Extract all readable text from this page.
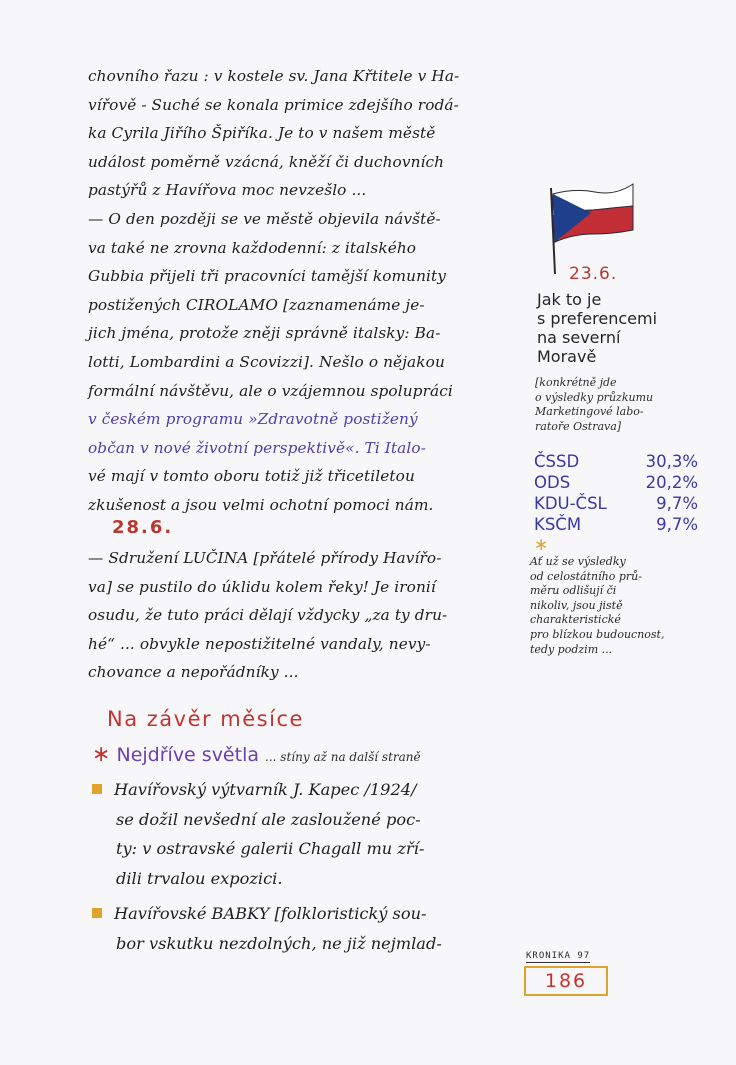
chovního řazu : v kostele sv. Jana Křtitele v Ha-
vířově - Suché se konala primice zdejšího rodá-
ka Cyrila Jiřího Špiříka. Je to v našem městě
událost poměrně vzácná, kněží či duchovních
pastýřů z Havířova moc nevzešlo ...
— O den později se ve městě objevila návště-
va také ne zrovna každodenní: z italského
Gubbia přijeli tři pracovníci tamější komunity
postižených CIROLAMO [zaznamenáme je-
jich jména, protože zněji správně italsky: Ba-
lotti, Lombardini a Scovizzi]. Nešlo o nějakou
formální návštěvu, ale o vzájemnou spolupráci
v českém programu »Zdravotně postižený
občan v nové životní perspektivě«. Ti Italo-
vé mají v tomto oboru totiž již třicetiletou
zkušenost a jsou velmi ochotní pomoci nám.
28.6.
— Sdružení LUČINA [přátelé přírody Havířo-
va] se pustilo do úklidu kolem řeky! Je ironií
osudu, že tuto práci dělají vždycky „za ty dru-
hé“ ... obvykle nepostižitelné vandaly, nevy-
chovance a nepořádníky ...
Na závěr měsíce
∗ Nejdříve světla ... stíny až na další straně
Havířovský výtvarník J. Kapec /1924/
se dožil nevšední ale zasloužené poc-
ty: v ostravské galerii Chagall mu zří-
dili trvalou expozici.
Havířovské BABKY [folkloristický sou-
bor vskutku nezdolných, ne již nejmlad-
23.6.
Jak to je
s preferencemi
na severní
Moravě
[konkrétně jde
o výsledky průzkumu
Marketingové labo-
ratoře Ostrava]
ČSSD	30,3%
ODS	20,2%
KDU-ČSL	9,7%
KSČM	9,7%
∗
Ať už se výsledky
od celostátního prů-
měru odlišují či
nikoliv, jsou jistě
charakteristické
pro blízkou budoucnost,
tedy podzim ...
KRONIKA 97
186
